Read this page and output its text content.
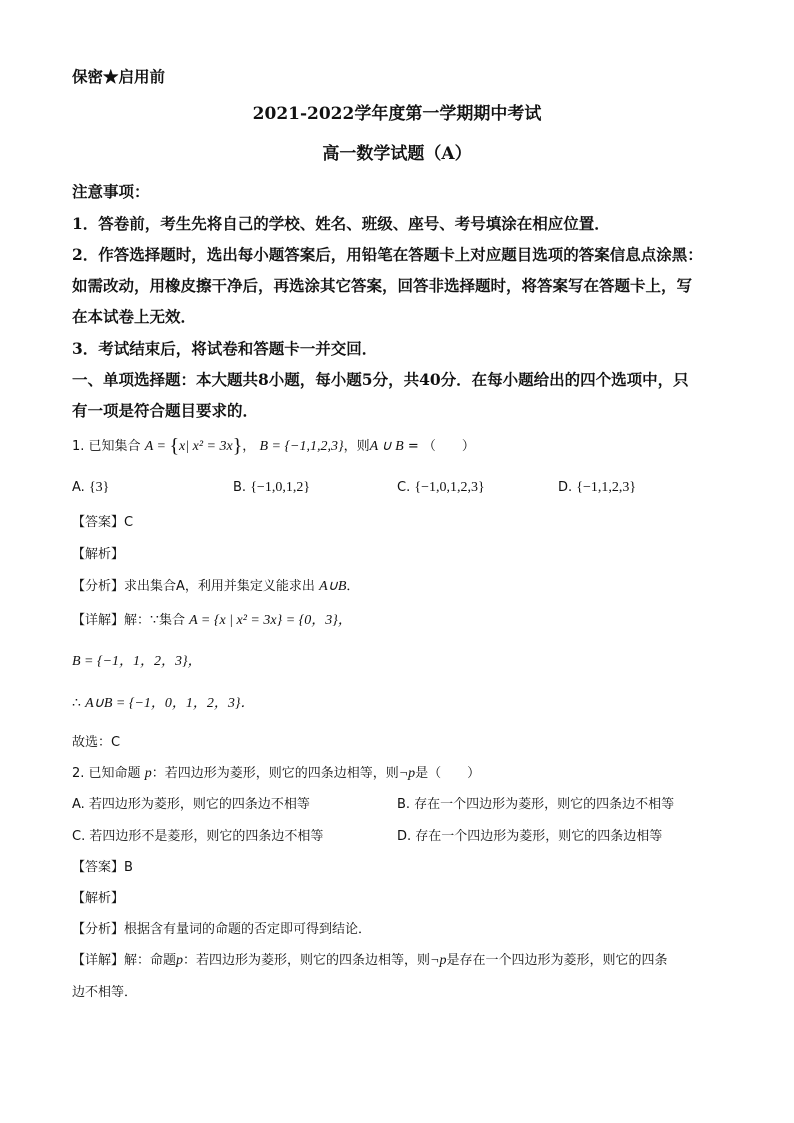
保密★启用前
2021-2022学年度第一学期期中考试
高一数学试题（A）
注意事项：
1．答卷前，考生先将自己的学校、姓名、班级、座号、考号填涂在相应位置．
2．作答选择题时，选出每小题答案后，用铅笔在答题卡上对应题目选项的答案信息点涂黑：
如需改动，用橡皮擦干净后，再选涂其它答案，回答非选择题时，将答案写在答题卡上，写
在本试卷上无效．
3．考试结束后，将试卷和答题卡一并交回．
一、单项选择题：本大题共8小题，每小题5分，共40分．在每小题给出的四个选项中，只
有一项是符合题目要求的．
1. 已知集合 A = {x| x² = 3x}， B = {−1,1,2,3}，则A ∪ B = （　　）
A. {3}	B. {−1,0,1,2}	C. {−1,0,1,2,3}	D. {−1,1,2,3}
【答案】C
【解析】
【分析】求出集合A，利用并集定义能求出 A∪B．
【详解】解：∵集合 A = {x | x² = 3x} = {0，3}，
B = {−1，1，2，3}，
∴ A∪B = {−1，0，1，2，3}．
故选：C
2. 已知命题 p：若四边形为菱形，则它的四条边相等，则¬p是（　　）
A. 若四边形为菱形，则它的四条边不相等	B. 存在一个四边形为菱形，则它的四条边不相等
C. 若四边形不是菱形，则它的四条边不相等	D. 存在一个四边形为菱形，则它的四条边相等
【答案】B
【解析】
【分析】根据含有量词的命题的否定即可得到结论．
【详解】解：命题p：若四边形为菱形，则它的四条边相等，则¬p是存在一个四边形为菱形，则它的四条
边不相等．
